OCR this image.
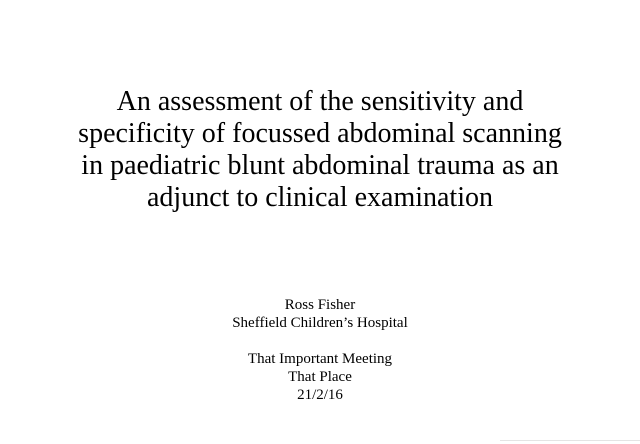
An assessment of the sensitivity and
specificity of focussed abdominal scanning
in paediatric blunt abdominal trauma as an
adjunct to clinical examination
Ross Fisher
Sheffield Children’s Hospital
That Important Meeting
That Place
21/2/16
